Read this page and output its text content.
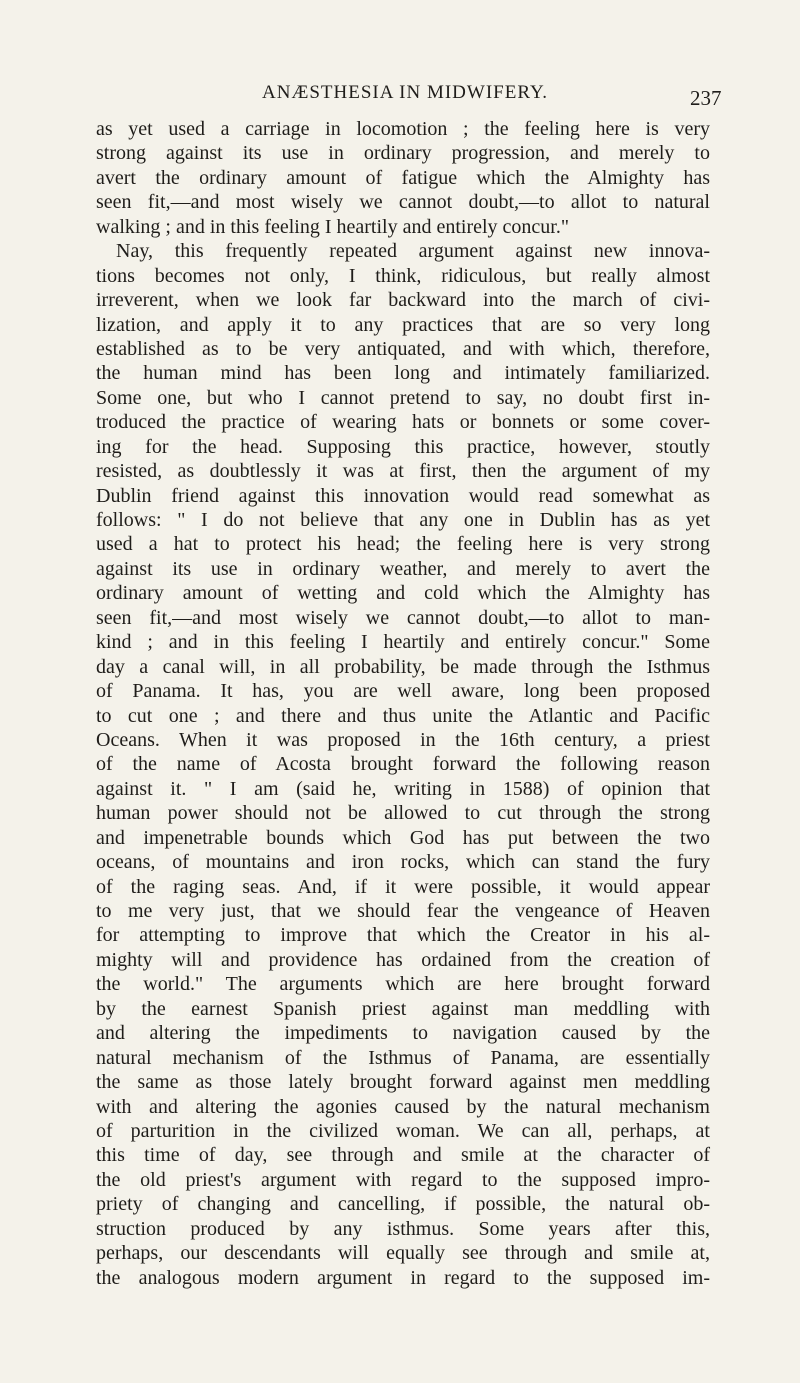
ANÆSTHESIA IN MIDWIFERY.	237
as yet used a carriage in locomotion ; the feeling here is very
strong against its use in ordinary progression, and merely to
avert the ordinary amount of fatigue which the Almighty has
seen fit,—and most wisely we cannot doubt,—to allot to natural
walking ; and in this feeling I heartily and entirely concur."
Nay, this frequently repeated argument against new innova-
tions becomes not only, I think, ridiculous, but really almost
irreverent, when we look far backward into the march of civi-
lization, and apply it to any practices that are so very long
established as to be very antiquated, and with which, therefore,
the human mind has been long and intimately familiarized.
Some one, but who I cannot pretend to say, no doubt first in-
troduced the practice of wearing hats or bonnets or some cover-
ing for the head. Supposing this practice, however, stoutly
resisted, as doubtlessly it was at first, then the argument of my
Dublin friend against this innovation would read somewhat as
follows: " I do not believe that any one in Dublin has as yet
used a hat to protect his head; the feeling here is very strong
against its use in ordinary weather, and merely to avert the
ordinary amount of wetting and cold which the Almighty has
seen fit,—and most wisely we cannot doubt,—to allot to man-
kind ; and in this feeling I heartily and entirely concur." Some
day a canal will, in all probability, be made through the Isthmus
of Panama. It has, you are well aware, long been proposed
to cut one ; and there and thus unite the Atlantic and Pacific
Oceans. When it was proposed in the 16th century, a priest
of the name of Acosta brought forward the following reason
against it. " I am (said he, writing in 1588) of opinion that
human power should not be allowed to cut through the strong
and impenetrable bounds which God has put between the two
oceans, of mountains and iron rocks, which can stand the fury
of the raging seas. And, if it were possible, it would appear
to me very just, that we should fear the vengeance of Heaven
for attempting to improve that which the Creator in his al-
mighty will and providence has ordained from the creation of
the world." The arguments which are here brought forward
by the earnest Spanish priest against man meddling with
and altering the impediments to navigation caused by the
natural mechanism of the Isthmus of Panama, are essentially
the same as those lately brought forward against men meddling
with and altering the agonies caused by the natural mechanism
of parturition in the civilized woman. We can all, perhaps, at
this time of day, see through and smile at the character of
the old priest's argument with regard to the supposed impro-
priety of changing and cancelling, if possible, the natural ob-
struction produced by any isthmus. Some years after this,
perhaps, our descendants will equally see through and smile at,
the analogous modern argument in regard to the supposed im-
